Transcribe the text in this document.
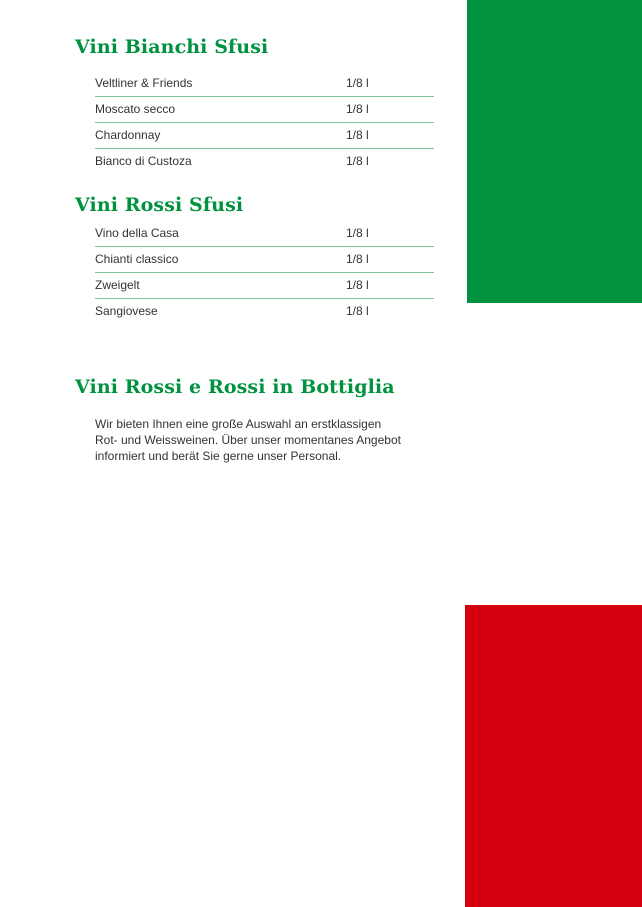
Vini Bianchi Sfusi
Veltliner & Friends	1/8 l
Moscato secco	1/8 l
Chardonnay	1/8 l
Bianco di Custoza	1/8 l
Vini Rossi Sfusi
Vino della Casa	1/8 l
Chianti classico	1/8 l
Zweigelt	1/8 l
Sangiovese	1/8 l
Vini Rossi e Rossi in Bottiglia

Wir bieten Ihnen eine große Auswahl an erstklassigen
Rot- und Weissweinen. Über unser momentanes Angebot
informiert und berät Sie gerne unser Personal.
